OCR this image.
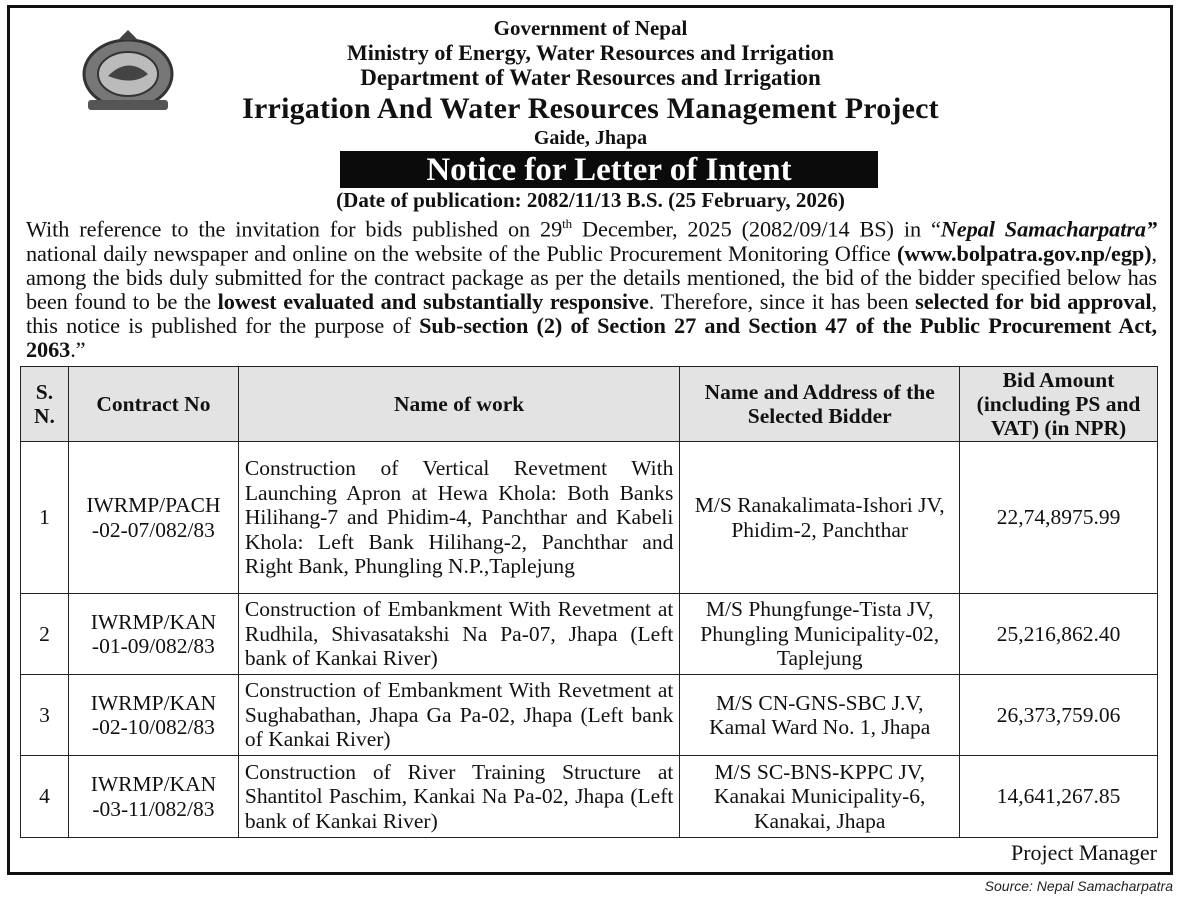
Government of Nepal
Ministry of Energy, Water Resources and Irrigation
Department of Water Resources and Irrigation
Irrigation And Water Resources Management Project
Gaide, Jhapa
Notice for Letter of Intent
(Date of publication: 2082/11/13 B.S. (25 February, 2026)
With reference to the invitation for bids published on 29th December, 2025 (2082/09/14 BS) in “Nepal Samacharpatra” national daily newspaper and online on the website of the Public Procurement Monitoring Office (www.bolpatra.gov.np/egp), among the bids duly submitted for the contract package as per the details mentioned, the bid of the bidder specified below has been found to be the lowest evaluated and substantially responsive. Therefore, since it has been selected for bid approval, this notice is published for the purpose of Sub-section (2) of Section 27 and Section 47 of the Public Procurement Act, 2063.”
S. N.	Contract No	Name of work	Name and Address of the Selected Bidder	Bid Amount (including PS and VAT) (in NPR)
1	IWRMP/PACH -02-07/082/83	Construction of Vertical Revetment With Launching Apron at Hewa Khola: Both Banks Hilihang-7 and Phidim-4, Panchthar and Kabeli Khola: Left Bank Hilihang-2, Panchthar and Right Bank, Phungling N.P.,Taplejung	M/S Ranakalimata-Ishori JV, Phidim-2, Panchthar	22,74,8975.99
2	IWRMP/KAN -01-09/082/83	Construction of Embankment With Revetment at Rudhila, Shivasatakshi Na Pa-07, Jhapa (Left bank of Kankai River)	M/S Phungfunge-Tista JV, Phungling Municipality-02, Taplejung	25,216,862.40
3	IWRMP/KAN -02-10/082/83	Construction of Embankment With Revetment at Sughabathan, Jhapa Ga Pa-02, Jhapa (Left bank of Kankai River)	M/S CN-GNS-SBC J.V, Kamal Ward No. 1, Jhapa	26,373,759.06
4	IWRMP/KAN -03-11/082/83	Construction of River Training Structure at Shantitol Paschim, Kankai Na Pa-02, Jhapa (Left bank of Kankai River)	M/S SC-BNS-KPPC JV, Kanakai Municipality-6, Kanakai, Jhapa	14,641,267.85
Project Manager
Source: Nepal Samacharpatra
